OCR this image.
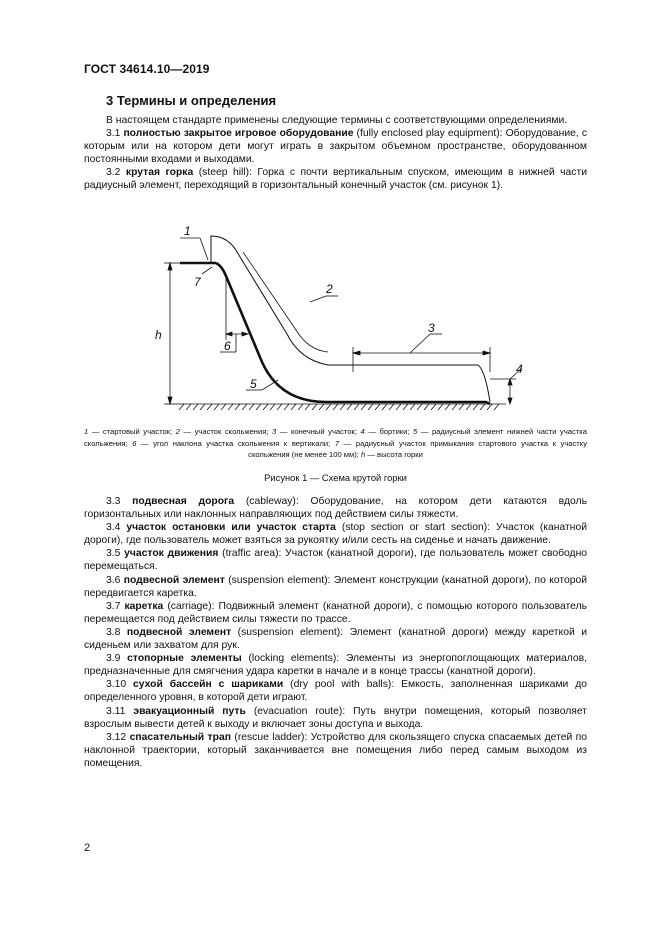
ГОСТ 34614.10—2019
3 Термины и определения

В настоящем стандарте применены следующие термины с соответствующими определениями.

3.1 полностью закрытое игровое оборудование (fully enclosed play equipment): Оборудование, с которым или на котором дети могут играть в закрытом объемном пространстве, оборудованном постоянными входами и выходами.

3.2 крутая горка (steep hill): Горка с почти вертикальным спуском, имеющим в нижней части радиусный элемент, переходящий в горизонтальный конечный участок (см. рисунок 1).

h	3
4
1
2
5
6
7
1 — стартовый участок; 2 — участок скольжения; 3 — конечный участок; 4 — бортики; 5 — радиусный элемент нижней части участка скольжения; 6 — угол наклона участка скольжения к вертикали; 7 — радиусный участок примыкания стартового участка к участку скольжения (не менее 100 мм); h — высота горки
Рисунок 1 — Схема крутой горки

3.3 подвесная дорога (cableway): Оборудование, на котором дети катаются вдоль горизонтальных или наклонных направляющих под действием силы тяжести.

3.4 участок остановки или участок старта (stop section or start section): Участок (канатной дороги), где пользователь может взяться за рукоятку и/или сесть на сиденье и начать движение.

3.5 участок движения (traffic area): Участок (канатной дороги), где пользователь может свободно перемещаться.

3.6 подвесной элемент (suspension element): Элемент конструкции (канатной дороги), по которой передвигается каретка.

3.7 каретка (carriage): Подвижный элемент (канатной дороги), с помощью которого пользователь перемещается под действием силы тяжести по трассе.

3.8 подвесной элемент (suspension element): Элемент (канатной дороги) между кареткой и сиденьем или захватом для рук.

3.9 стопорные элементы (locking elements): Элементы из энергопоглощающих материалов, предназначенные для смягчения удара каретки в начале и в конце трассы (канатной дороги).

3.10 сухой бассейн с шариками (dry pool with balls): Емкость, заполненная шариками до определенного уровня, в которой дети играют.

3.11 эвакуационный путь (evacuation route): Путь внутри помещения, который позволяет взрослым вывести детей к выходу и включает зоны доступа и выхода.

3.12 спасательный трап (rescue ladder): Устройство для скользящего спуска спасаемых детей по наклонной траектории, который заканчивается вне помещения либо перед самым выходом из помещения.

2
